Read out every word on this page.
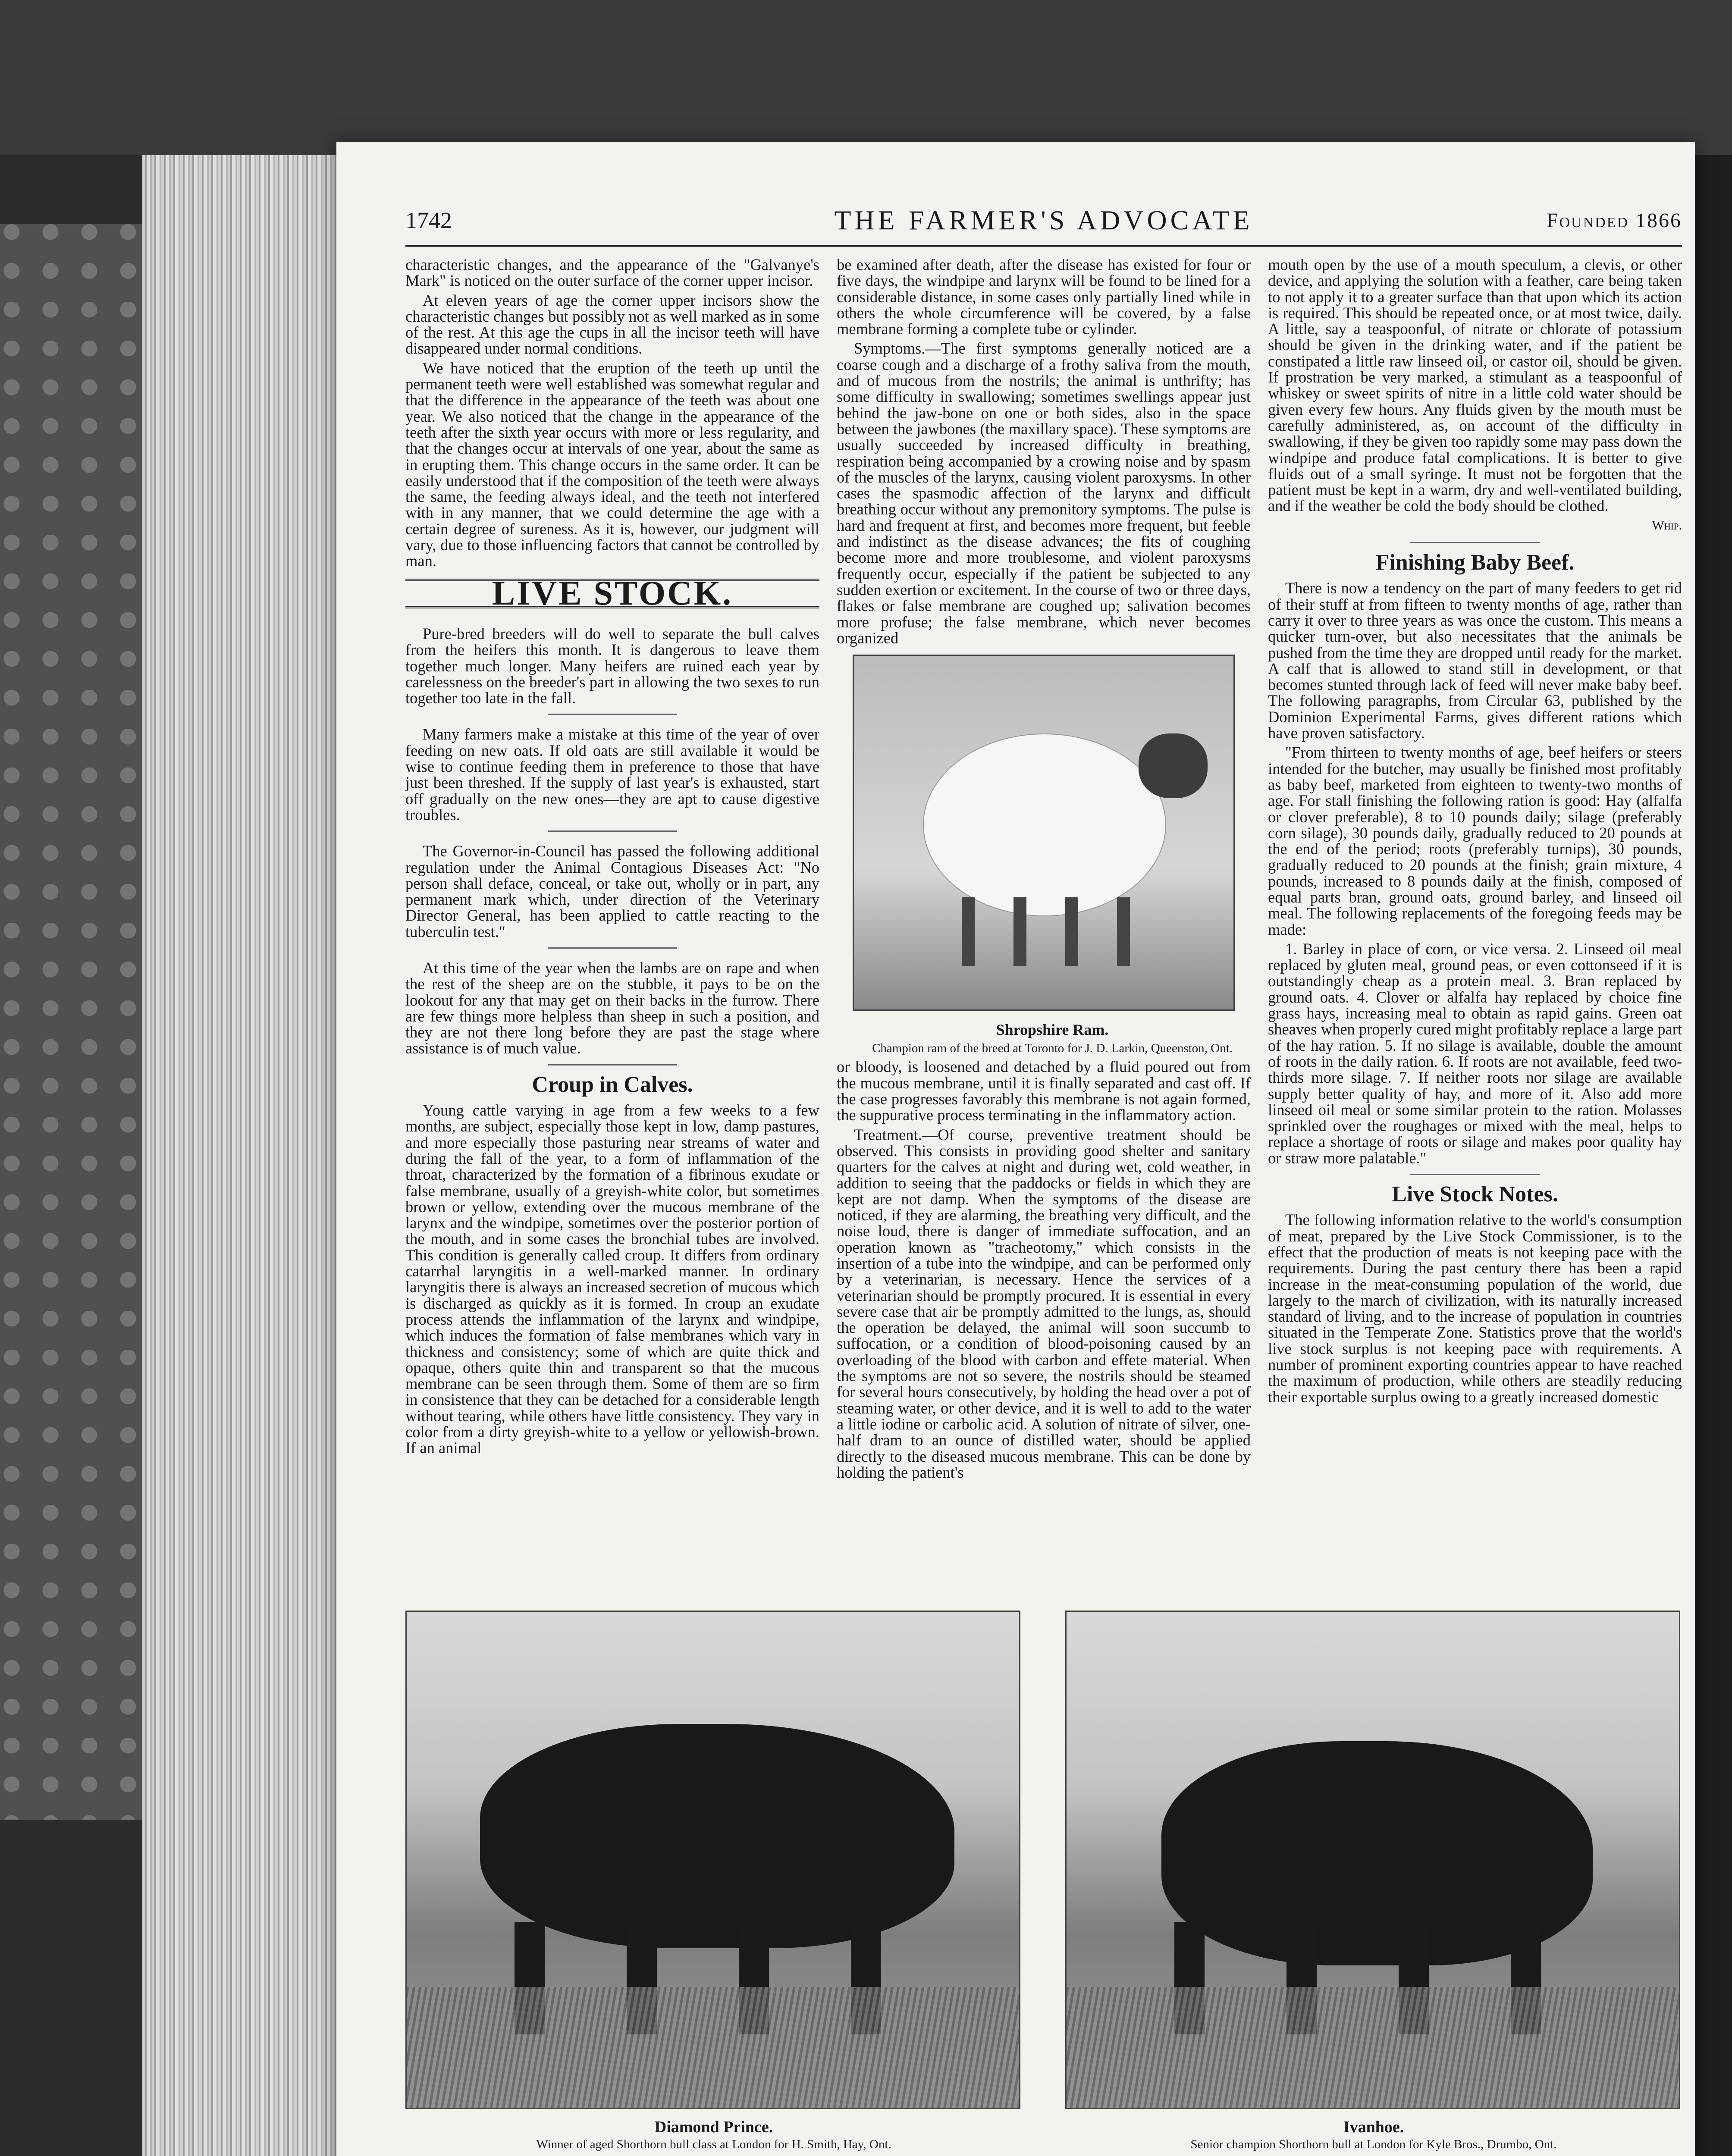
1742	THE FARMER'S ADVOCATE	Founded 1866

characteristic changes, and the appearance of the "Galvanye's Mark" is noticed on the outer surface of the corner upper incisor.

At eleven years of age the corner upper incisors show the characteristic changes but possibly not as well marked as in some of the rest. At this age the cups in all the incisor teeth will have disappeared under normal conditions.

We have noticed that the eruption of the teeth up until the permanent teeth were well established was somewhat regular and that the difference in the appearance of the teeth was about one year. We also noticed that the change in the appearance of the teeth after the sixth year occurs with more or less regularity, and that the changes occur at intervals of one year, about the same as in erupting them. This change occurs in the same order. It can be easily understood that if the composition of the teeth were always the same, the feeding always ideal, and the teeth not interfered with in any manner, that we could determine the age with a certain degree of sureness. As it is, however, our judgment will vary, due to those influencing factors that cannot be controlled by man.

LIVE STOCK.

Pure-bred breeders will do well to separate the bull calves from the heifers this month. It is dangerous to leave them together much longer. Many heifers are ruined each year by carelessness on the breeder's part in allowing the two sexes to run together too late in the fall.

Many farmers make a mistake at this time of the year of over feeding on new oats. If old oats are still available it would be wise to continue feeding them in preference to those that have just been threshed. If the supply of last year's is exhausted, start off gradually on the new ones—they are apt to cause digestive troubles.

The Governor-in-Council has passed the following additional regulation under the Animal Contagious Diseases Act: "No person shall deface, conceal, or take out, wholly or in part, any permanent mark which, under direction of the Veterinary Director General, has been applied to cattle reacting to the tuberculin test."

At this time of the year when the lambs are on rape and when the rest of the sheep are on the stubble, it pays to be on the lookout for any that may get on their backs in the furrow. There are few things more helpless than sheep in such a position, and they are not there long before they are past the stage where assistance is of much value.

Croup in Calves.

Young cattle varying in age from a few weeks to a few months, are subject, especially those kept in low, damp pastures, and more especially those pasturing near streams of water and during the fall of the year, to a form of inflammation of the throat, characterized by the formation of a fibrinous exudate or false membrane, usually of a greyish-white color, but sometimes brown or yellow, extending over the mucous membrane of the larynx and the windpipe, sometimes over the posterior portion of the mouth, and in some cases the bronchial tubes are involved. This condition is generally called croup. It differs from ordinary catarrhal laryngitis in a well-marked manner. In ordinary laryngitis there is always an increased secretion of mucous which is discharged as quickly as it is formed. In croup an exudate process attends the inflammation of the larynx and windpipe, which induces the formation of false membranes which vary in thickness and consistency; some of which are quite thick and opaque, others quite thin and transparent so that the mucous membrane can be seen through them. Some of them are so firm in consistence that they can be detached for a considerable length without tearing, while others have little consistency. They vary in color from a dirty greyish-white to a yellow or yellowish-brown. If an animal

be examined after death, after the disease has existed for four or five days, the windpipe and larynx will be found to be lined for a considerable distance, in some cases only partially lined while in others the whole circumference will be covered, by a false membrane forming a complete tube or cylinder.

Symptoms.—The first symptoms generally noticed are a coarse cough and a discharge of a frothy saliva from the mouth, and of mucous from the nostrils; the animal is unthrifty; has some difficulty in swallowing; sometimes swellings appear just behind the jaw-bone on one or both sides, also in the space between the jawbones (the maxillary space). These symptoms are usually succeeded by increased difficulty in breathing, respiration being accompanied by a crowing noise and by spasm of the muscles of the larynx, causing violent paroxysms. In other cases the spasmodic affection of the larynx and difficult breathing occur without any premonitory symptoms. The pulse is hard and frequent at first, and becomes more frequent, but feeble and indistinct as the disease advances; the fits of coughing become more and more troublesome, and violent paroxysms frequently occur, especially if the patient be subjected to any sudden exertion or excitement. In the course of two or three days, flakes or false membrane are coughed up; salivation becomes more profuse; the false membrane, which never becomes organized

Shropshire Ram.

Champion ram of the breed at Toronto for J. D. Larkin, Queenston, Ont.

or bloody, is loosened and detached by a fluid poured out from the mucous membrane, until it is finally separated and cast off. If the case progresses favorably this membrane is not again formed, the suppurative process terminating in the inflammatory action.

Treatment.—Of course, preventive treatment should be observed. This consists in providing good shelter and sanitary quarters for the calves at night and during wet, cold weather, in addition to seeing that the paddocks or fields in which they are kept are not damp. When the symptoms of the disease are noticed, if they are alarming, the breathing very difficult, and the noise loud, there is danger of immediate suffocation, and an operation known as "tracheotomy," which consists in the insertion of a tube into the windpipe, and can be performed only by a veterinarian, is necessary. Hence the services of a veterinarian should be promptly procured. It is essential in every severe case that air be promptly admitted to the lungs, as, should the operation be delayed, the animal will soon succumb to suffocation, or a condition of blood-poisoning caused by an overloading of the blood with carbon and effete material. When the symptoms are not so severe, the nostrils should be steamed for several hours consecutively, by holding the head over a pot of steaming water, or other device, and it is well to add to the water a little iodine or carbolic acid. A solution of nitrate of silver, one-half dram to an ounce of distilled water, should be applied directly to the diseased mucous membrane. This can be done by holding the patient's

mouth open by the use of a mouth speculum, a clevis, or other device, and applying the solution with a feather, care being taken to not apply it to a greater surface than that upon which its action is required. This should be repeated once, or at most twice, daily. A little, say a teaspoonful, of nitrate or chlorate of potassium should be given in the drinking water, and if the patient be constipated a little raw linseed oil, or castor oil, should be given. If prostration be very marked, a stimulant as a teaspoonful of whiskey or sweet spirits of nitre in a little cold water should be given every few hours. Any fluids given by the mouth must be carefully administered, as, on account of the difficulty in swallowing, if they be given too rapidly some may pass down the windpipe and produce fatal complications. It is better to give fluids out of a small syringe. It must not be forgotten that the patient must be kept in a warm, dry and well-ventilated building, and if the weather be cold the body should be clothed.

Whip.
Finishing Baby Beef.

There is now a tendency on the part of many feeders to get rid of their stuff at from fifteen to twenty months of age, rather than carry it over to three years as was once the custom. This means a quicker turn-over, but also necessitates that the animals be pushed from the time they are dropped until ready for the market. A calf that is allowed to stand still in development, or that becomes stunted through lack of feed will never make baby beef. The following paragraphs, from Circular 63, published by the Dominion Experimental Farms, gives different rations which have proven satisfactory.

"From thirteen to twenty months of age, beef heifers or steers intended for the butcher, may usually be finished most profitably as baby beef, marketed from eighteen to twenty-two months of age. For stall finishing the following ration is good: Hay (alfalfa or clover preferable), 8 to 10 pounds daily; silage (preferably corn silage), 30 pounds daily, gradually reduced to 20 pounds at the end of the period; roots (preferably turnips), 30 pounds, gradually reduced to 20 pounds at the finish; grain mixture, 4 pounds, increased to 8 pounds daily at the finish, composed of equal parts bran, ground oats, ground barley, and linseed oil meal. The following replacements of the foregoing feeds may be made:

1. Barley in place of corn, or vice versa. 2. Linseed oil meal replaced by gluten meal, ground peas, or even cottonseed if it is outstandingly cheap as a protein meal. 3. Bran replaced by ground oats. 4. Clover or alfalfa hay replaced by choice fine grass hays, increasing meal to obtain as rapid gains. Green oat sheaves when properly cured might profitably replace a large part of the hay ration. 5. If no silage is available, double the amount of roots in the daily ration. 6. If roots are not available, feed two-thirds more silage. 7. If neither roots nor silage are available supply better quality of hay, and more of it. Also add more linseed oil meal or some similar protein to the ration. Molasses sprinkled over the roughages or mixed with the meal, helps to replace a shortage of roots or silage and makes poor quality hay or straw more palatable."

Live Stock Notes.

The following information relative to the world's consumption of meat, prepared by the Live Stock Commissioner, is to the effect that the production of meats is not keeping pace with the requirements. During the past century there has been a rapid increase in the meat-consuming population of the world, due largely to the march of civilization, with its naturally increased standard of living, and to the increase of population in countries situated in the Temperate Zone. Statistics prove that the world's live stock surplus is not keeping pace with requirements. A number of prominent exporting countries appear to have reached the maximum of production, while others are steadily reducing their exportable surplus owing to a greatly increased domestic

Diamond Prince.

Winner of aged Shorthorn bull class at London for H. Smith, Hay, Ont.

Ivanhoe.

Senior champion Shorthorn bull at London for Kyle Bros., Drumbo, Ont.
